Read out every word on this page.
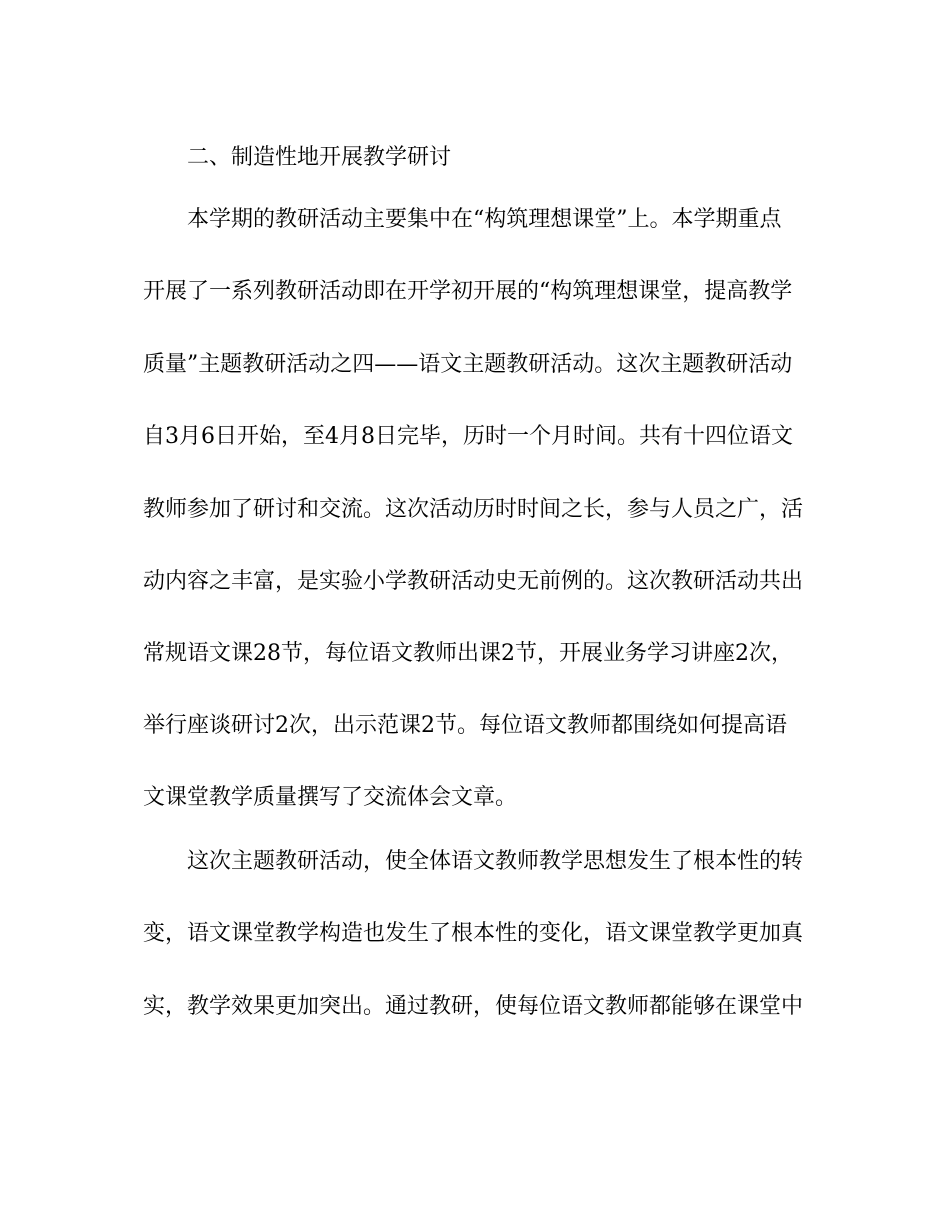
二、制造性地开展教学研讨
本学期的教研活动主要集中在“构筑理想课堂”上。本学期重点
开展了一系列教研活动即在开学初开展的“构筑理想课堂，提高教学
质量”主题教研活动之四——语文主题教研活动。这次主题教研活动
自3月6日开始，至4月8日完毕，历时一个月时间。共有十四位语文
教师参加了研讨和交流。这次活动历时时间之长，参与人员之广，活
动内容之丰富，是实验小学教研活动史无前例的。这次教研活动共出
常规语文课28节，每位语文教师出课2节，开展业务学习讲座2次，
举行座谈研讨2次，出示范课2节。每位语文教师都围绕如何提高语
文课堂教学质量撰写了交流体会文章。
这次主题教研活动，使全体语文教师教学思想发生了根本性的转
变，语文课堂教学构造也发生了根本性的变化，语文课堂教学更加真
实，教学效果更加突出。通过教研，使每位语文教师都能够在课堂中
